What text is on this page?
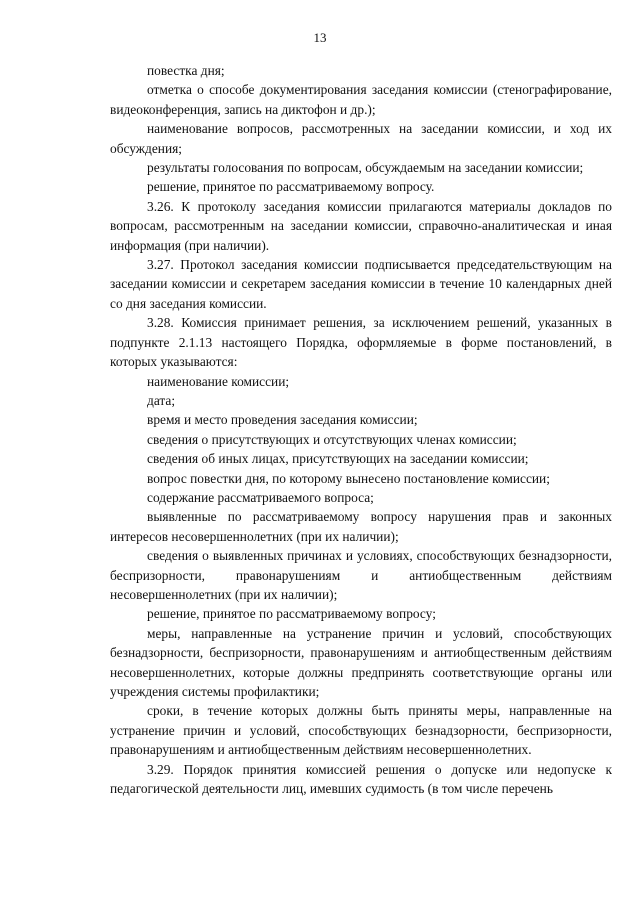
13

повестка дня;

отметка о способе документирования заседания комиссии (стенографирование, видеоконференция, запись на диктофон и др.);

наименование вопросов, рассмотренных на заседании комиссии, и ход их обсуждения;

результаты голосования по вопросам, обсуждаемым на заседании комиссии;

решение, принятое по рассматриваемому вопросу.

3.26. К протоколу заседания комиссии прилагаются материалы докладов по вопросам, рассмотренным на заседании комиссии, справочно-аналитическая и иная информация (при наличии).

3.27. Протокол заседания комиссии подписывается председательствующим на заседании комиссии и секретарем заседания комиссии в течение 10 календарных дней со дня заседания комиссии.

3.28. Комиссия принимает решения, за исключением решений, указанных в подпункте 2.1.13 настоящего Порядка, оформляемые в форме постановлений, в которых указываются:

наименование комиссии;

дата;

время и место проведения заседания комиссии;

сведения о присутствующих и отсутствующих членах комиссии;

сведения об иных лицах, присутствующих на заседании комиссии;

вопрос повестки дня, по которому вынесено постановление комиссии;

содержание рассматриваемого вопроса;

выявленные по рассматриваемому вопросу нарушения прав и законных интересов несовершеннолетних (при их наличии);

сведения о выявленных причинах и условиях, способствующих безнадзорности, беспризорности, правонарушениям и антиобщественным действиям несовершеннолетних (при их наличии);

решение, принятое по рассматриваемому вопросу;

меры, направленные на устранение причин и условий, способствующих безнадзорности, беспризорности, правонарушениям и антиобщественным действиям несовершеннолетних, которые должны предпринять соответствующие органы или учреждения системы профилактики;

сроки, в течение которых должны быть приняты меры, направленные на устранение причин и условий, способствующих безнадзорности, беспризорности, правонарушениям и антиобщественным действиям несовершеннолетних.

3.29. Порядок принятия комиссией решения о допуске или недопуске к педагогической деятельности лиц, имевших судимость (в том числе перечень
